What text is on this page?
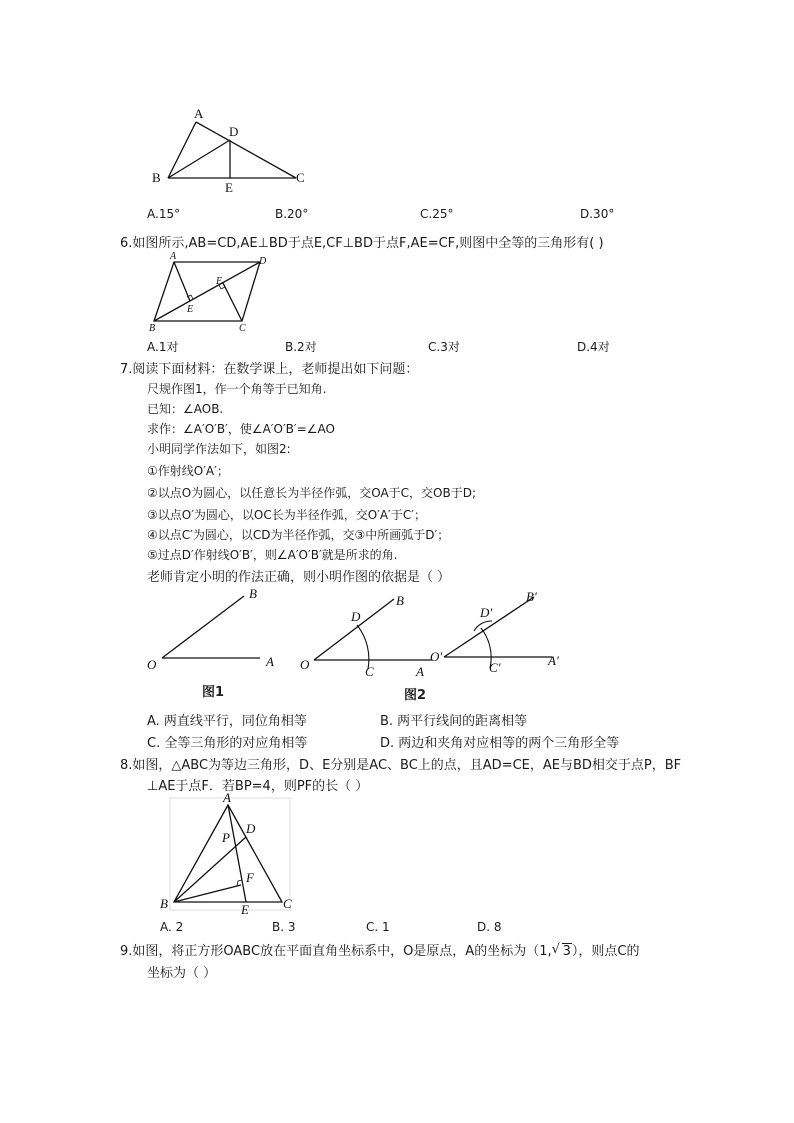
A
D
B
E
C
A.15°	B.20°	C.25°	D.30°
6.如图所示,AB=CD,AE⊥BD于点E,CF⊥BD于点F,AE=CF,则图中全等的三角形有( )
A	D
E
E
B	C
A.1对	B.2对	C.3对	D.4对
7.阅读下面材料：在数学课上，老师提出如下问题：
尺规作图1，作一个角等于已知角.
已知：∠AOB.
求作：∠A′O′B′，使∠A′O′B′=∠AO
小明同学作法如下，如图2:
①作射线O′A′；
②以点O为圆心，以任意长为半径作弧，交OA于C，交OB于D;
③以点O′为圆心，以OC长为半径作弧，交O′A′于C′；
④以点C′为圆心，以CD为半径作弧，交③中所画弧于D′；
⑤过点D′作射线O′B′，则∠A′O′B′就是所求的角.
老师肯定小明的作法正确，则小明作图的依据是（ ）
O	A
B
图1
O
D
B
C	A
图2
O′
D′
B′
C′	A′
A. 两直线平行，同位角相等	B. 两平行线间的距离相等
C. 全等三角形的对应角相等	D. 两边和夹角对应相等的两个三角形全等
8.如图，△ABC为等边三角形，D、E分别是AC、BC上的点，且AD=CE，AE与BD相交于点P，BF
⊥AE于点F．若BP=4，则PF的长（ ）
A
D
P
F
B	E	C
A. 2	B. 3	C. 1	D. 8
9.如图，将正方形OABC放在平面直角坐标系中，O是原点，A的坐标为（1,√ 3），则点C的
坐标为（ ）
